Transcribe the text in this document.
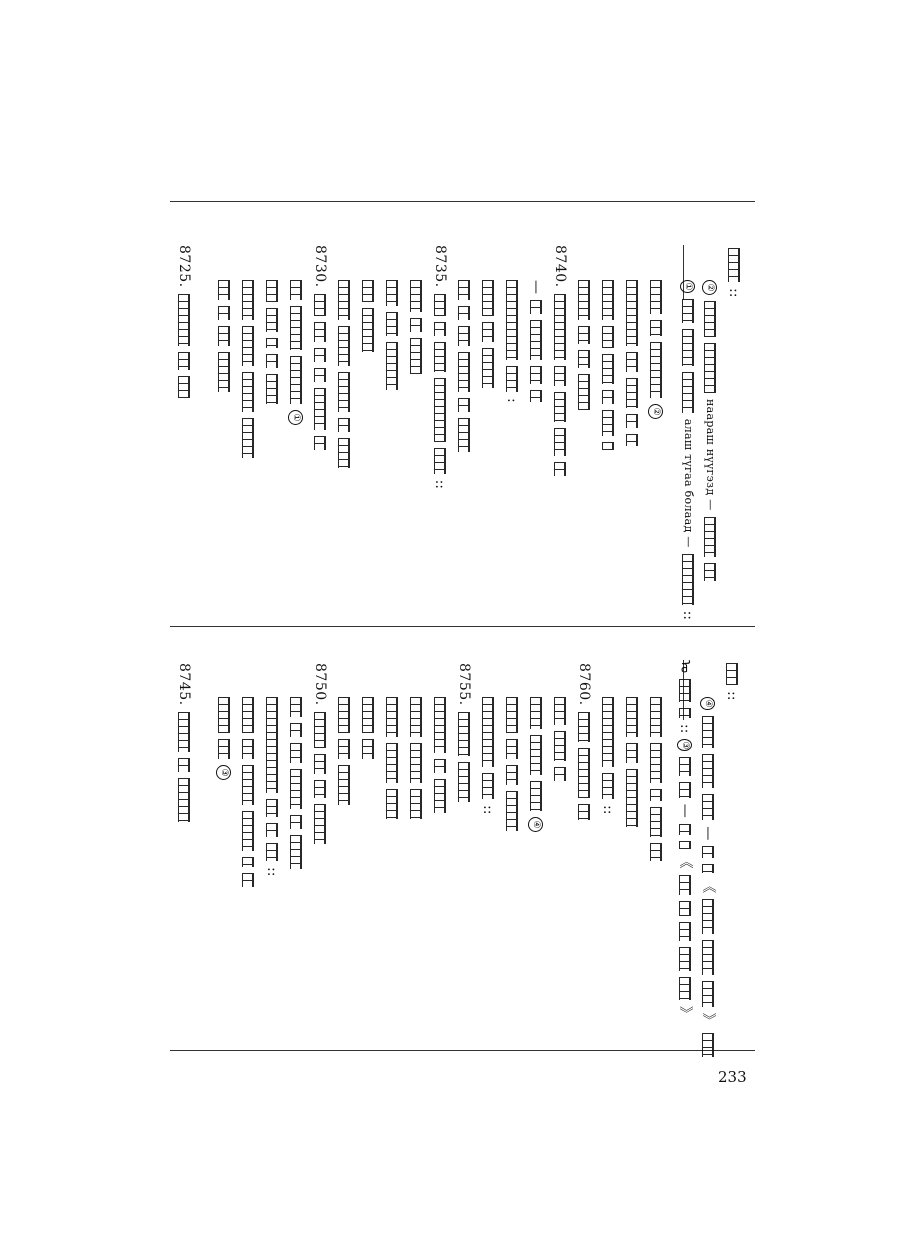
::
②
наараш нүүгэзд —
①
алаш түгаа болаад —
::
②
8740.
—
:
8735.
::
8730.
①
8725.
::
④
—
《
》
ᠤ
::
③
—
《
》
::
8760.
④
::
8755.
8750.
::
③
8745.
233
